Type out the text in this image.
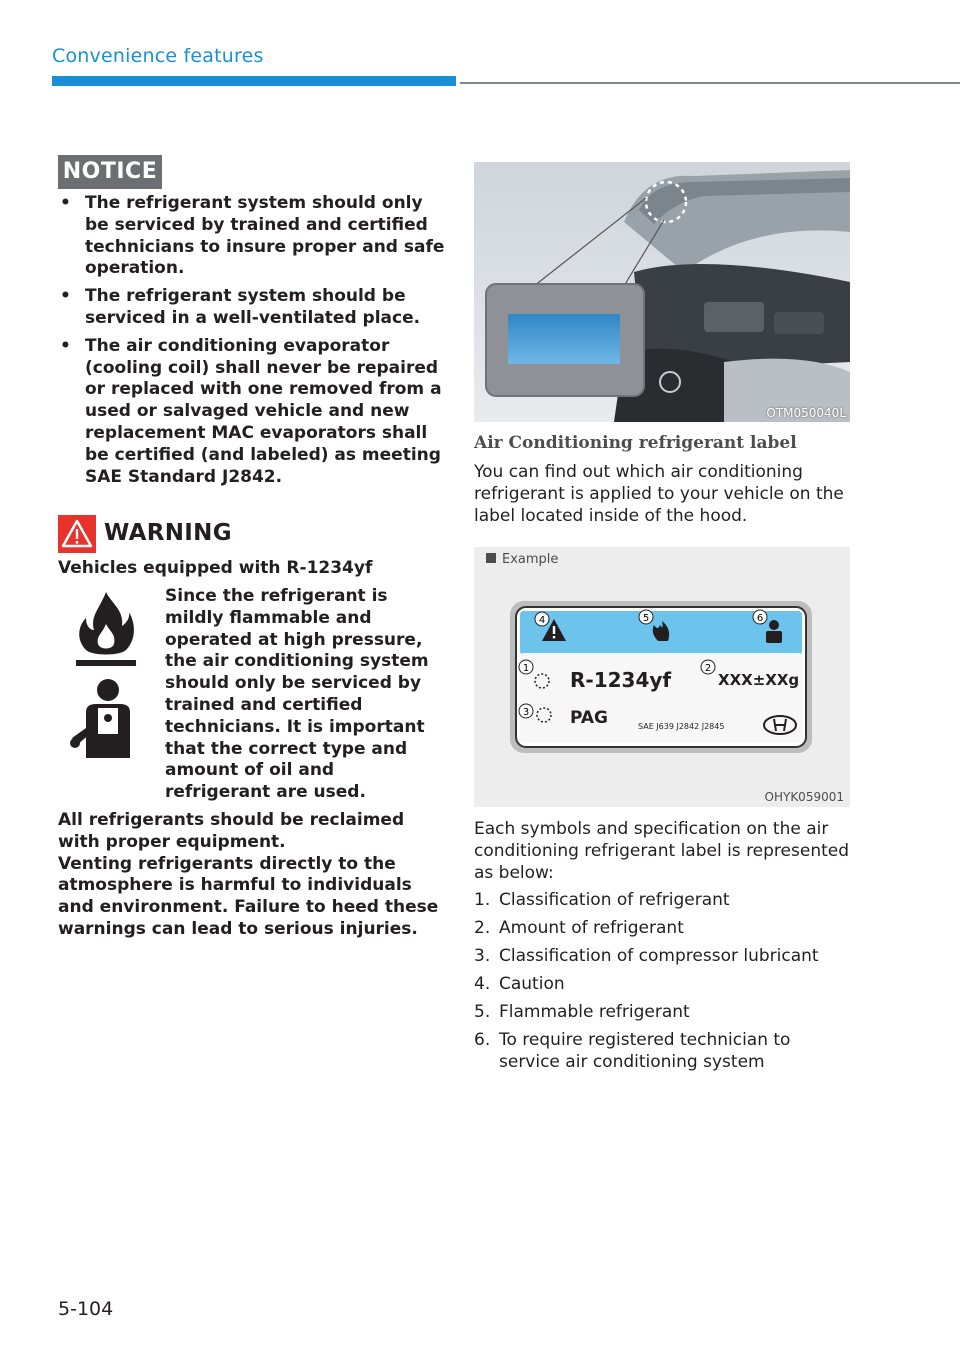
Convenience features
NOTICE
• The refrigerant system should only be serviced by trained and certified technicians to insure proper and safe operation.
• The refrigerant system should be serviced in a well-ventilated place.
• The air conditioning evaporator (cooling coil) shall never be repaired or replaced with one removed from a used or salvaged vehicle and new replacement MAC evaporators shall be certified (and labeled) as meeting SAE Standard J2842.
WARNING
Vehicles equipped with R-1234yf
Since the refrigerant is mildly flammable and operated at high pressure, the air conditioning system should only be serviced by trained and certified technicians. It is important that the correct type and amount of oil and refrigerant are used.
All refrigerants should be reclaimed with proper equipment.
Venting refrigerants directly to the atmosphere is harmful to individuals and environment. Failure to heed these warnings can lead to serious injuries.
OTM050040L
Air Conditioning refrigerant label
You can find out which air conditioning refrigerant is applied to your vehicle on the label located inside of the hood.
Example
4	5	6
1 R-1234yf	2
XXX±XXg
3 PAG	SAE J639 J2842 J2845
OHYK059001
Each symbols and specification on the air conditioning refrigerant label is represented as below:
1. Classification of refrigerant
2. Amount of refrigerant
3. Classification of compressor lubricant
4. Caution
5. Flammable refrigerant
6. To require registered technician to service air conditioning system
5-104
